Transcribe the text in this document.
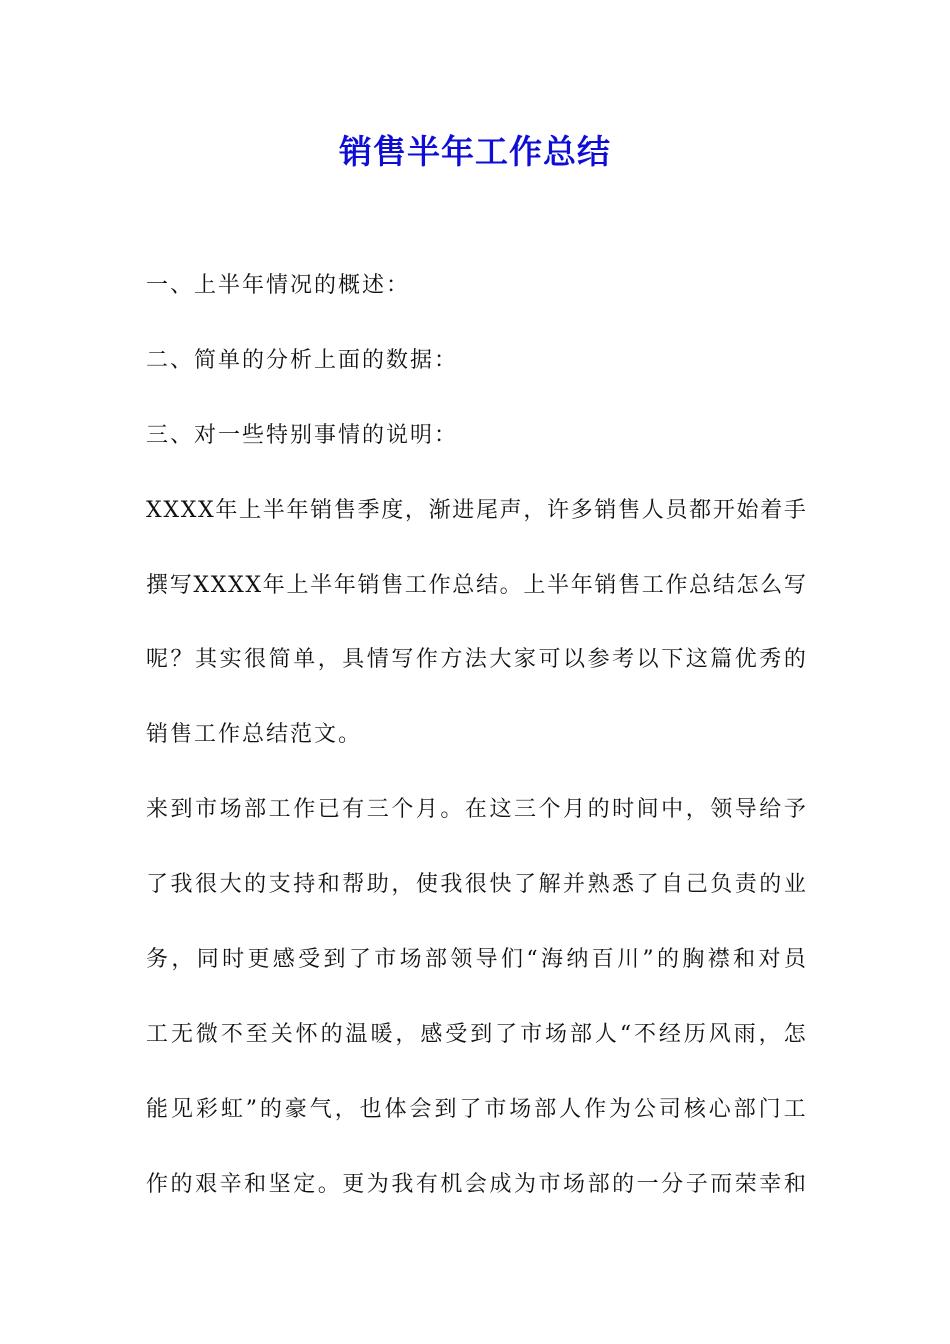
销售半年工作总结
一、上半年情况的概述：
二、简单的分析上面的数据：
三、对一些特别事情的说明：
X X X X 年 上 半 年 销 售 季 度 ， 渐 进 尾 声 ， 许 多 销 售 人 员 都 开 始 着 手
撰 写 X X X X 年 上 半 年 销 售 工 作 总 结 。 上 半 年 销 售 工 作 总 结 怎 么 写
呢 ？ 其 实 很 简 单 ， 具 情 写 作 方 法 大 家 可 以 参 考 以 下 这 篇 优 秀 的
销售工作总结范文。
来 到 市 场 部 工 作 已 有 三 个 月 。 在 这 三 个 月 的 时 间 中 ， 领 导 给 予
了 我 很 大 的 支 持 和 帮 助 ， 使 我 很 快 了 解 并 熟 悉 了 自 己 负 责 的 业
务 ， 同 时 更 感 受 到 了 市 场 部 领 导 们 “ 海 纳 百 川 ” 的 胸 襟 和 对 员
工 无 微 不 至 关 怀 的 温 暖 ， 感 受 到 了 市 场 部 人 “ 不 经 历 风 雨 ， 怎
能 见 彩 虹 ” 的 豪 气 ， 也 体 会 到 了 市 场 部 人 作 为 公 司 核 心 部 门 工
作 的 艰 辛 和 坚 定 。 更 为 我 有 机 会 成 为 市 场 部 的 一 分 子 而 荣 幸 和
